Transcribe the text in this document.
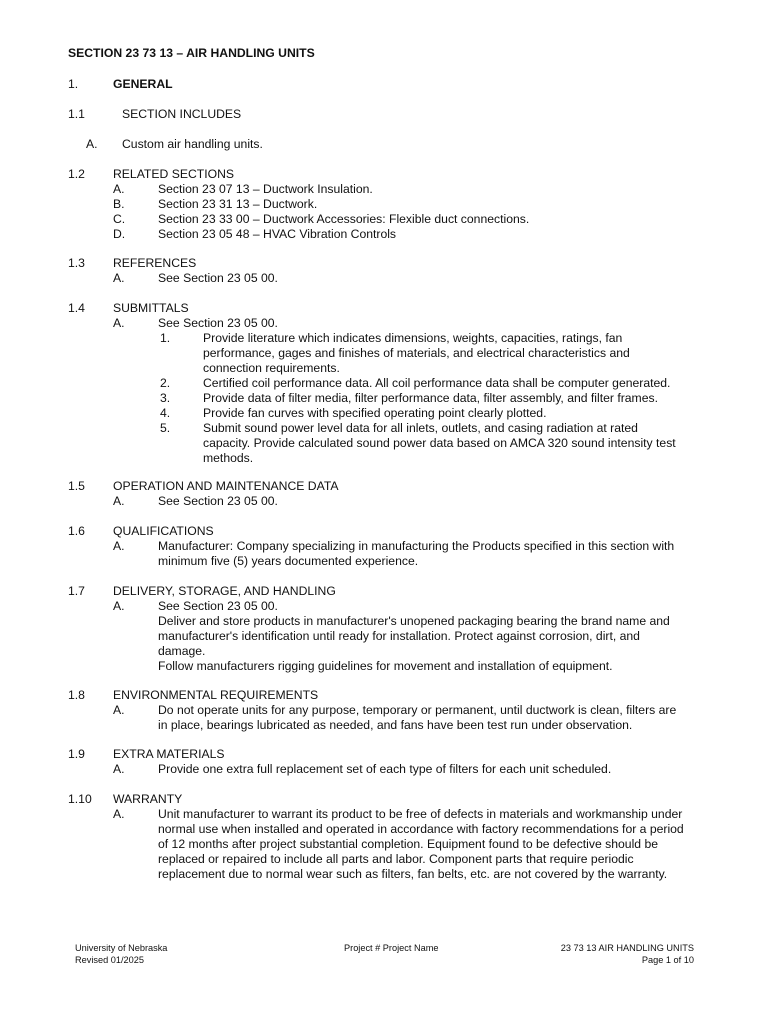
SECTION 23 73 13 – AIR HANDLING UNITS
1.	GENERAL
1.1	SECTION INCLUDES
A. Custom air handling units.
1.2 RELATED SECTIONS
A.	Section 23 07 13 – Ductwork Insulation.
B.	Section 23 31 13 – Ductwork.
C.	Section 23 33 00 – Ductwork Accessories: Flexible duct connections.
D.	Section 23 05 48 – HVAC Vibration Controls
1.3 REFERENCES
A.	See Section 23 05 00.
1.4 SUBMITTALS
A.	See Section 23 05 00.
1.	Provide literature which indicates dimensions, weights, capacities, ratings, fan
performance, gages and finishes of materials, and electrical characteristics and
connection requirements.
2.	Certified coil performance data. All coil performance data shall be computer generated.
3.	Provide data of filter media, filter performance data, filter assembly, and filter frames.
4.	Provide fan curves with specified operating point clearly plotted.
5.	Submit sound power level data for all inlets, outlets, and casing radiation at rated
capacity. Provide calculated sound power data based on AMCA 320 sound intensity test
methods.
1.5 OPERATION AND MAINTENANCE DATA
A.	See Section 23 05 00.
1.6 QUALIFICATIONS
A.	Manufacturer: Company specializing in manufacturing the Products specified in this section with
minimum five (5) years documented experience.
1.7 DELIVERY, STORAGE, AND HANDLING
A.	See Section 23 05 00.
Deliver and store products in manufacturer's unopened packaging bearing the brand name and
manufacturer's identification until ready for installation. Protect against corrosion, dirt, and
damage.
Follow manufacturers rigging guidelines for movement and installation of equipment.
1.8 ENVIRONMENTAL REQUIREMENTS
A.	Do not operate units for any purpose, temporary or permanent, until ductwork is clean, filters are
in place, bearings lubricated as needed, and fans have been test run under observation.
1.9 EXTRA MATERIALS
A.	Provide one extra full replacement set of each type of filters for each unit scheduled.
1.10 WARRANTY
A.	Unit manufacturer to warrant its product to be free of defects in materials and workmanship under
normal use when installed and operated in accordance with factory recommendations for a period
of 12 months after project substantial completion. Equipment found to be defective should be
replaced or repaired to include all parts and labor. Component parts that require periodic
replacement due to normal wear such as filters, fan belts, etc. are not covered by the warranty.
University of Nebraska
Revised 01/2025
Project # Project Name	23 73 13 AIR HANDLING UNITS
Page 1 of 10
